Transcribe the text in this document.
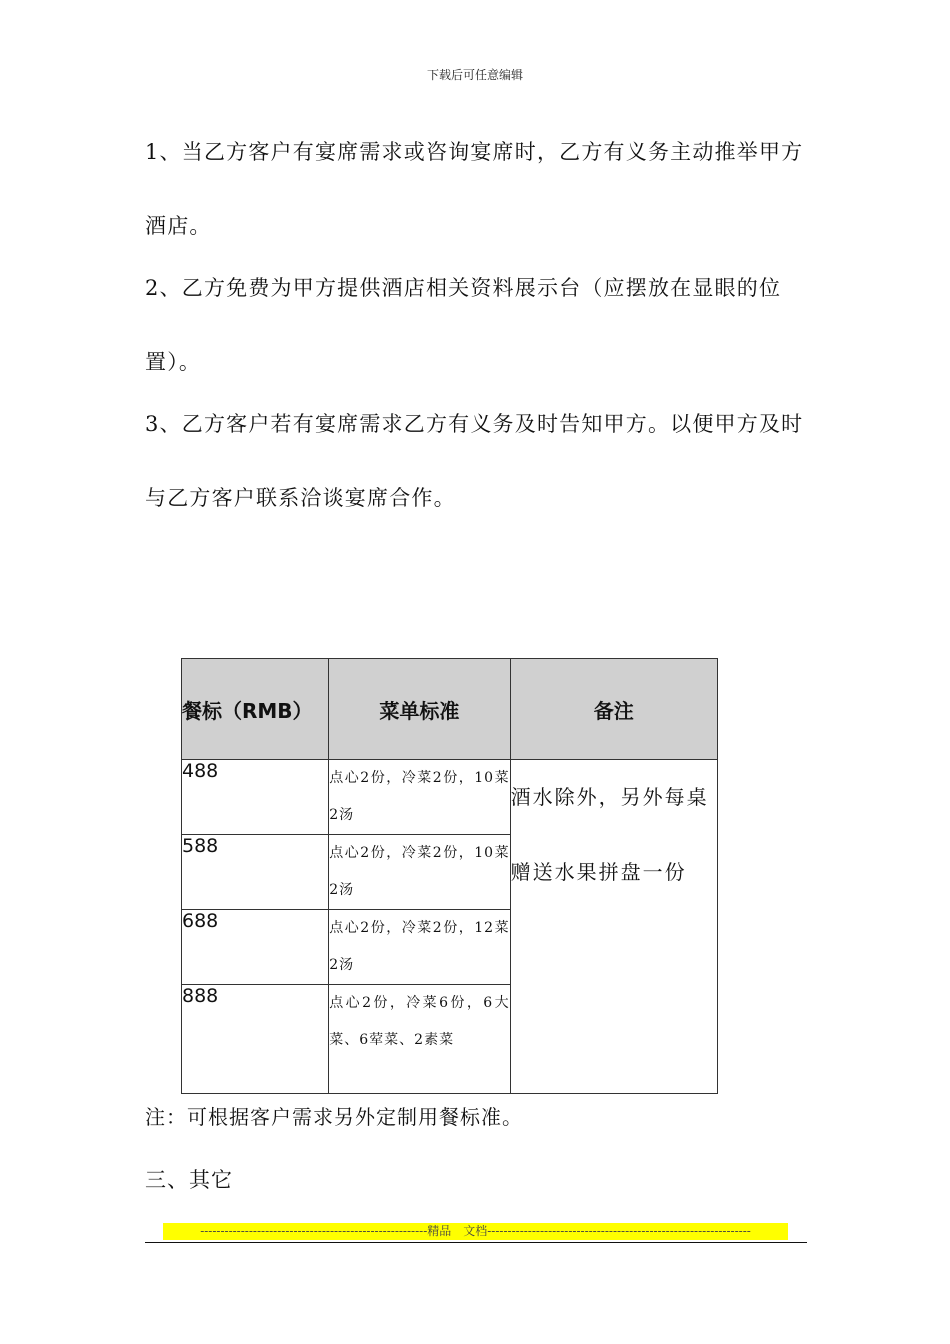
下载后可任意编辑
1、当乙方客户有宴席需求或咨询宴席时，乙方有义务主动推举甲方
酒店。
2、乙方免费为甲方提供酒店相关资料展示台（应摆放在显眼的位
置）。
3、乙方客户若有宴席需求乙方有义务及时告知甲方。以便甲方及时
与乙方客户联系洽谈宴席合作。
餐标（RMB）	菜单标准	备注
488	点心2份，冷菜2份，10菜2汤	酒水除外，另外每桌赠送水果拼盘一份
588	点心2份，冷菜2份，10菜2汤	
688	点心2份，冷菜2份，12菜2汤	
888	点心2份，冷菜6份，6大菜、6荤菜、2素菜	
注：可根据客户需求另外定制用餐标准。
三、其它
--------------------------------------------------------精品　文档-----------------------------------------------------------------
